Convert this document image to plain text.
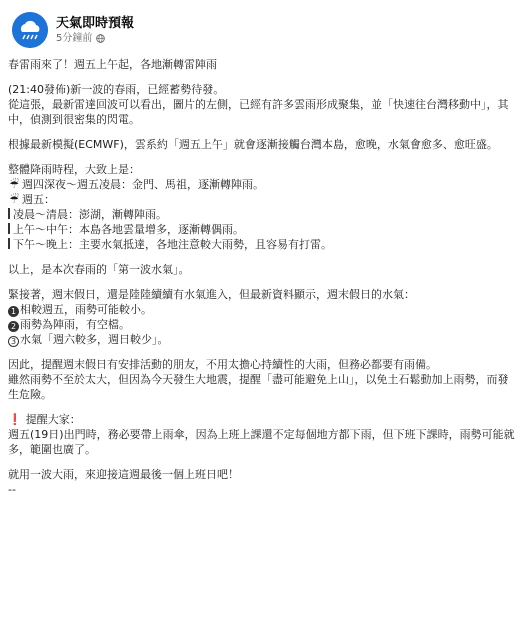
天氣即時預報
5分鐘前

春雷雨來了！週五上午起，各地漸轉雷陣雨

(21:40發佈)新一波的春雨，已經蓄勢待發。
從這張，最新雷達回波可以看出，圖片的左側，已經有許多雲雨形成聚集，並「快速往台灣移動中」，其中，偵測到很密集的閃電。

根據最新模擬(ECMWF)，雲系約「週五上午」就會逐漸接觸台灣本島，愈晚，水氣會愈多、愈旺盛。

整體降雨時程，大致上是：
☔ 週四深夜～週五凌晨：金門、馬祖，逐漸轉陣雨。
☔ 週五：
凌晨～清晨：澎湖，漸轉陣雨。
上午～中午：本島各地雲量增多，逐漸轉偶雨。
下午～晚上：主要水氣抵達，各地注意較大雨勢，且容易有打雷。

以上，是本次春雨的「第一波水氣」。

緊接著，週末假日，還是陸陸續續有水氣進入，但最新資料顯示，週末假日的水氣：
1 相較週五，雨勢可能較小。
2 雨勢為陣雨，有空檔。
3 水氣「週六較多，週日較少」。

因此，提醒週末假日有安排活動的朋友，不用太擔心持續性的大雨，但務必都要有雨備。
雖然雨勢不至於太大，但因為今天發生大地震，提醒「盡可能避免上山」，以免土石鬆動加上雨勢，而發生危險。

❗ 提醒大家：
週五(19日)出門時，務必要帶上雨傘，因為上班上課還不定每個地方都下雨，但下班下課時，雨勢可能就多，範圍也廣了。

就用一波大雨，來迎接這週最後一個上班日吧！
--
